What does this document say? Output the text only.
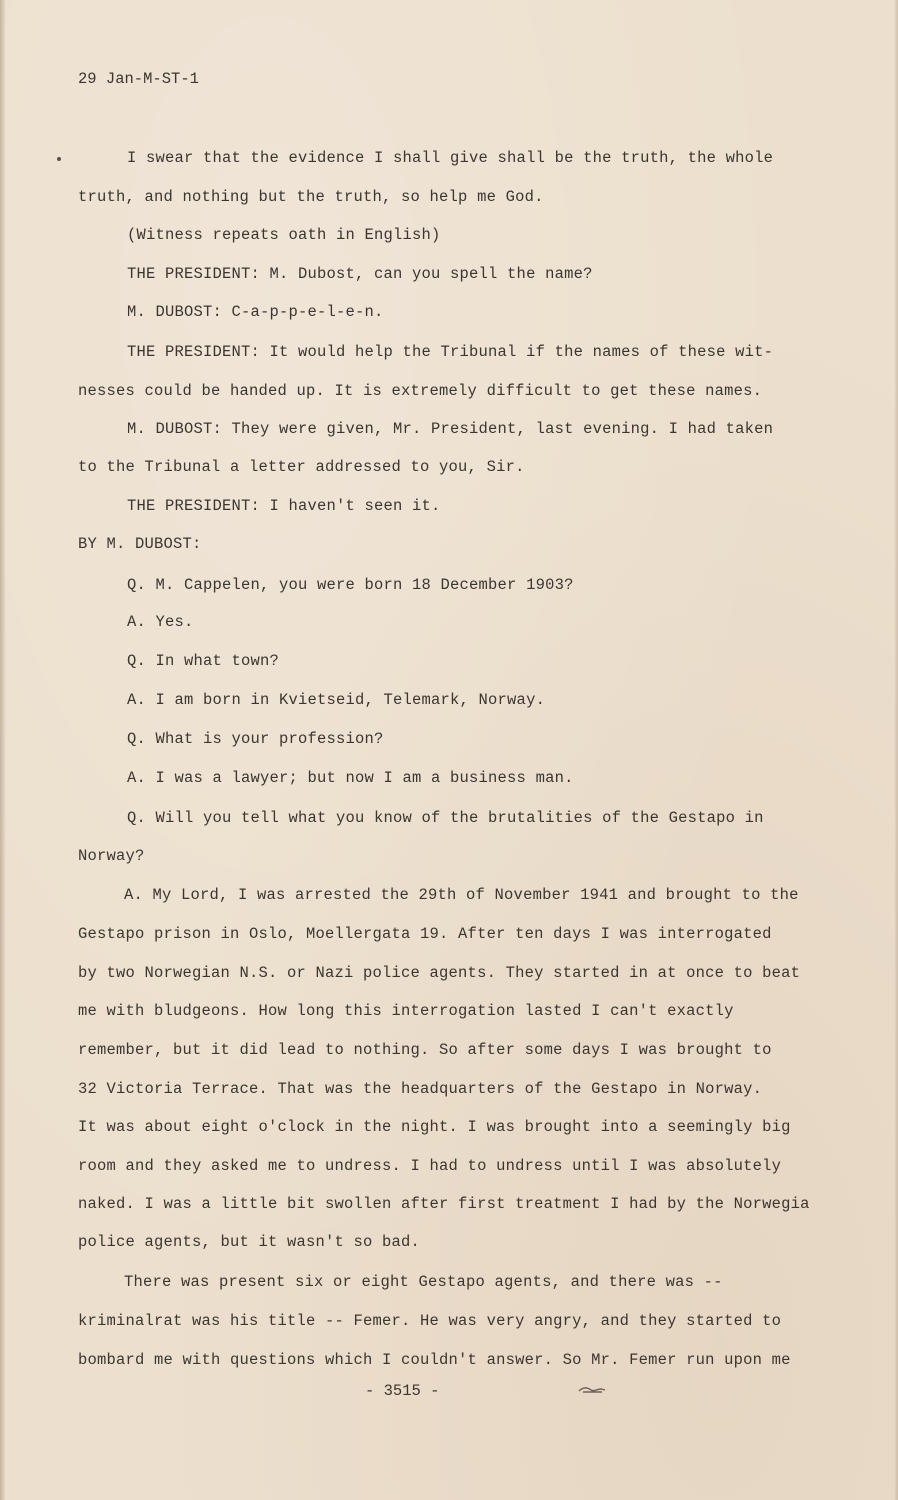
29 Jan-M-ST-1
I swear that the evidence I shall give shall be the truth, the whole
truth, and nothing but the truth, so help me God.
(Witness repeats oath in English)
THE PRESIDENT: M. Dubost, can you spell the name?
M. DUBOST: C-a-p-p-e-l-e-n.
THE PRESIDENT: It would help the Tribunal if the names of these wit-
nesses could be handed up. It is extremely difficult to get these names.
M. DUBOST: They were given, Mr. President, last evening. I had taken
to the Tribunal a letter addressed to you, Sir.
THE PRESIDENT: I haven't seen it.
BY M. DUBOST:
Q. M. Cappelen, you were born 18 December 1903?
A. Yes.
Q. In what town?
A. I am born in Kvietseid, Telemark, Norway.
Q. What is your profession?
A. I was a lawyer; but now I am a business man.
Q. Will you tell what you know of the brutalities of the Gestapo in
Norway?
A. My Lord, I was arrested the 29th of November 1941 and brought to the
Gestapo prison in Oslo, Moellergata 19. After ten days I was interrogated
by two Norwegian N.S. or Nazi police agents. They started in at once to beat
me with bludgeons. How long this interrogation lasted I can't exactly
remember, but it did lead to nothing. So after some days I was brought to
32 Victoria Terrace. That was the headquarters of the Gestapo in Norway.
It was about eight o'clock in the night. I was brought into a seemingly big
room and they asked me to undress. I had to undress until I was absolutely
naked. I was a little bit swollen after first treatment I had by the Norwegia
police agents, but it wasn't so bad.
There was present six or eight Gestapo agents, and there was --
kriminalrat was his title -- Femer. He was very angry, and they started to
bombard me with questions which I couldn't answer. So Mr. Femer run upon me
- 3515 -
